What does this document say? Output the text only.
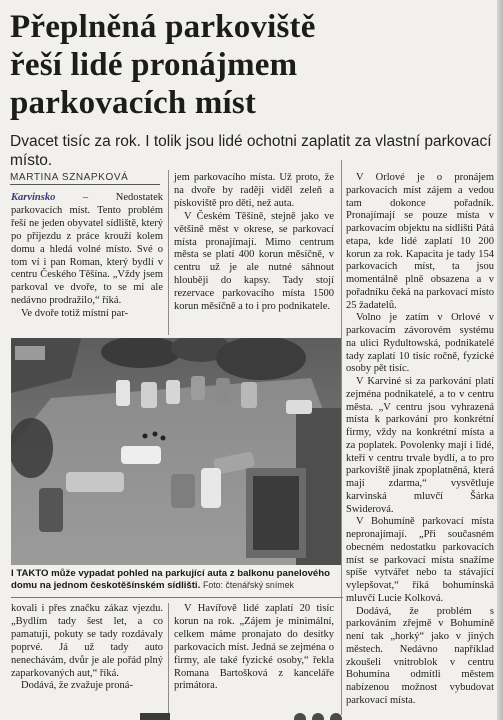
Přeplněná parkoviště
řeší lidé pronájmem
parkovacích míst

Dvacet tisíc za rok. I tolik jsou lidé ochotni zaplatit za vlastní parkovací místo.

MARTINA SZNAPKOVÁ

Karvinsko – Nedostatek parkovacích míst. Tento problém řeší ne jeden obyvatel sídliště, který po příjezdu z práce krouží kolem domu a hledá volné místo. Své o tom ví i pan Roman, který bydlí v centru Českého Těšína. „Vždy jsem parkoval ve dvoře, to se mi ale nedávno prodražilo,“ říká.

Ve dvoře totiž místní par-

jem parkovacího místa. Už proto, že na dvoře by raději viděl zeleň a pískoviště pro děti, než auta.

V Českém Těšíně, stejně jako ve většině měst v okrese, se parkovací místa pronajímají. Mimo centrum města se platí 400 korun měsíčně, v centru už je ale nutné sáhnout hlouběji do kapsy. Tady stojí rezervace parkovacího místa 1500 korun měsíčně a to i pro podnikatele.

V Orlové je o pronájem parkovacích míst zájem a vedou tam dokonce pořadník. Pronajímají se pouze místa v parkovacím objektu na sídlišti Pátá etapa, kde lidé zaplatí 10 200 korun za rok. Kapacita je tady 154 parkovacích míst, ta jsou momentálně plně obsazena a v pořadníku čeká na parkovací místo 25 žadatelů.

Volno je zatím v Orlové v parkovacím závorovém systému na ulici Rydultowská, podnikatelé tady zaplatí 10 tisíc ročně, fyzické osoby pět tisíc.

V Karviné si za parkování platí zejména podnikatelé, a to v centru města. „V centru jsou vyhrazená místa k parkování pro konkrétní firmy, vždy na konkrétní místa a za poplatek. Povolenky mají i lidé, kteří v centru trvale bydlí, a to pro parkoviště jinak zpoplatněná, která mají zdarma,“ vysvětluje karvinská mluvčí Šárka Swiderová.

V Bohumíně parkovací místa nepronajímají. „Při současném obecném nedostatku parkovacích míst se parkovací místa snažíme spíše vytvářet nebo ta stávající vylepšovat,“ říká bohumínská mluvčí Lucie Kolková.

Dodává, že problém s parkováním zřejmě v Bohumíně není tak „horký“ jako v jiných městech. Nedávno například zkoušeli vnitroblok v centru Bohumína odmítli městem nabízenou možnost vybudovat parkovací místa.

I TAKTO může vypadat pohled na parkující auta z balkonu panelového domu na jednom českotěšínském sídlišti. Foto: čtenářský snímek

kovali i přes značku zákaz vjezdu. „Bydlím tady šest let, a co pamatuji, pokuty se tady rozdávaly poprvé. Já už tady auto nenechávám, dvůr je ale pořád plný zaparkovaných aut,“ říká.

Dodává, že zvažuje proná-

V Havířově lidé zaplatí 20 tisíc korun na rok. „Zájem je minimální, celkem máme pronajato do desítky parkovacích míst. Jedná se zejména o firmy, ale také fyzické osoby,“ řekla Romana Bartošková z kanceláře primátora.
